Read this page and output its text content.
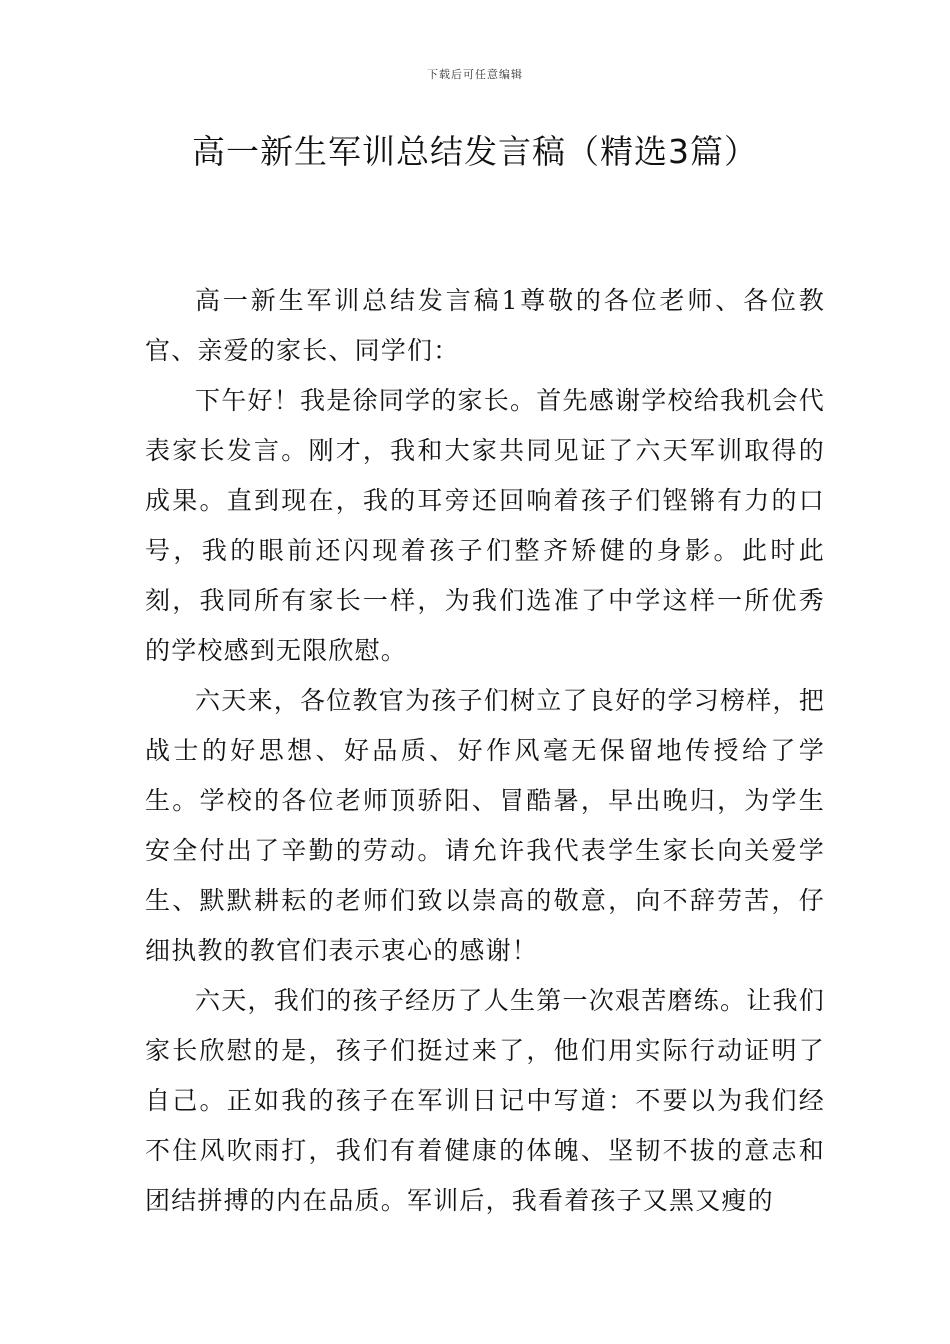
下载后可任意编辑
高一新生军训总结发言稿（精选3篇）

高一新生军训总结发言稿1尊敬的各位老师、各位教官、亲爱的家长、同学们：

下午好！我是徐同学的家长。首先感谢学校给我机会代表家长发言。刚才，我和大家共同见证了六天军训取得的成果。直到现在，我的耳旁还回响着孩子们铿锵有力的口号，我的眼前还闪现着孩子们整齐矫健的身影。此时此刻，我同所有家长一样，为我们选准了中学这样一所优秀的学校感到无限欣慰。

六天来，各位教官为孩子们树立了良好的学习榜样，把战士的好思想、好品质、好作风毫无保留地传授给了学生。学校的各位老师顶骄阳、冒酷暑，早出晚归，为学生安全付出了辛勤的劳动。请允许我代表学生家长向关爱学生、默默耕耘的老师们致以崇高的敬意，向不辞劳苦，仔细执教的教官们表示衷心的感谢！

六天，我们的孩子经历了人生第一次艰苦磨练。让我们家长欣慰的是，孩子们挺过来了，他们用实际行动证明了自己。正如我的孩子在军训日记中写道：不要以为我们经不住风吹雨打，我们有着健康的体魄、坚韧不拔的意志和团结拼搏的内在品质。军训后，我看着孩子又黑又瘦的
